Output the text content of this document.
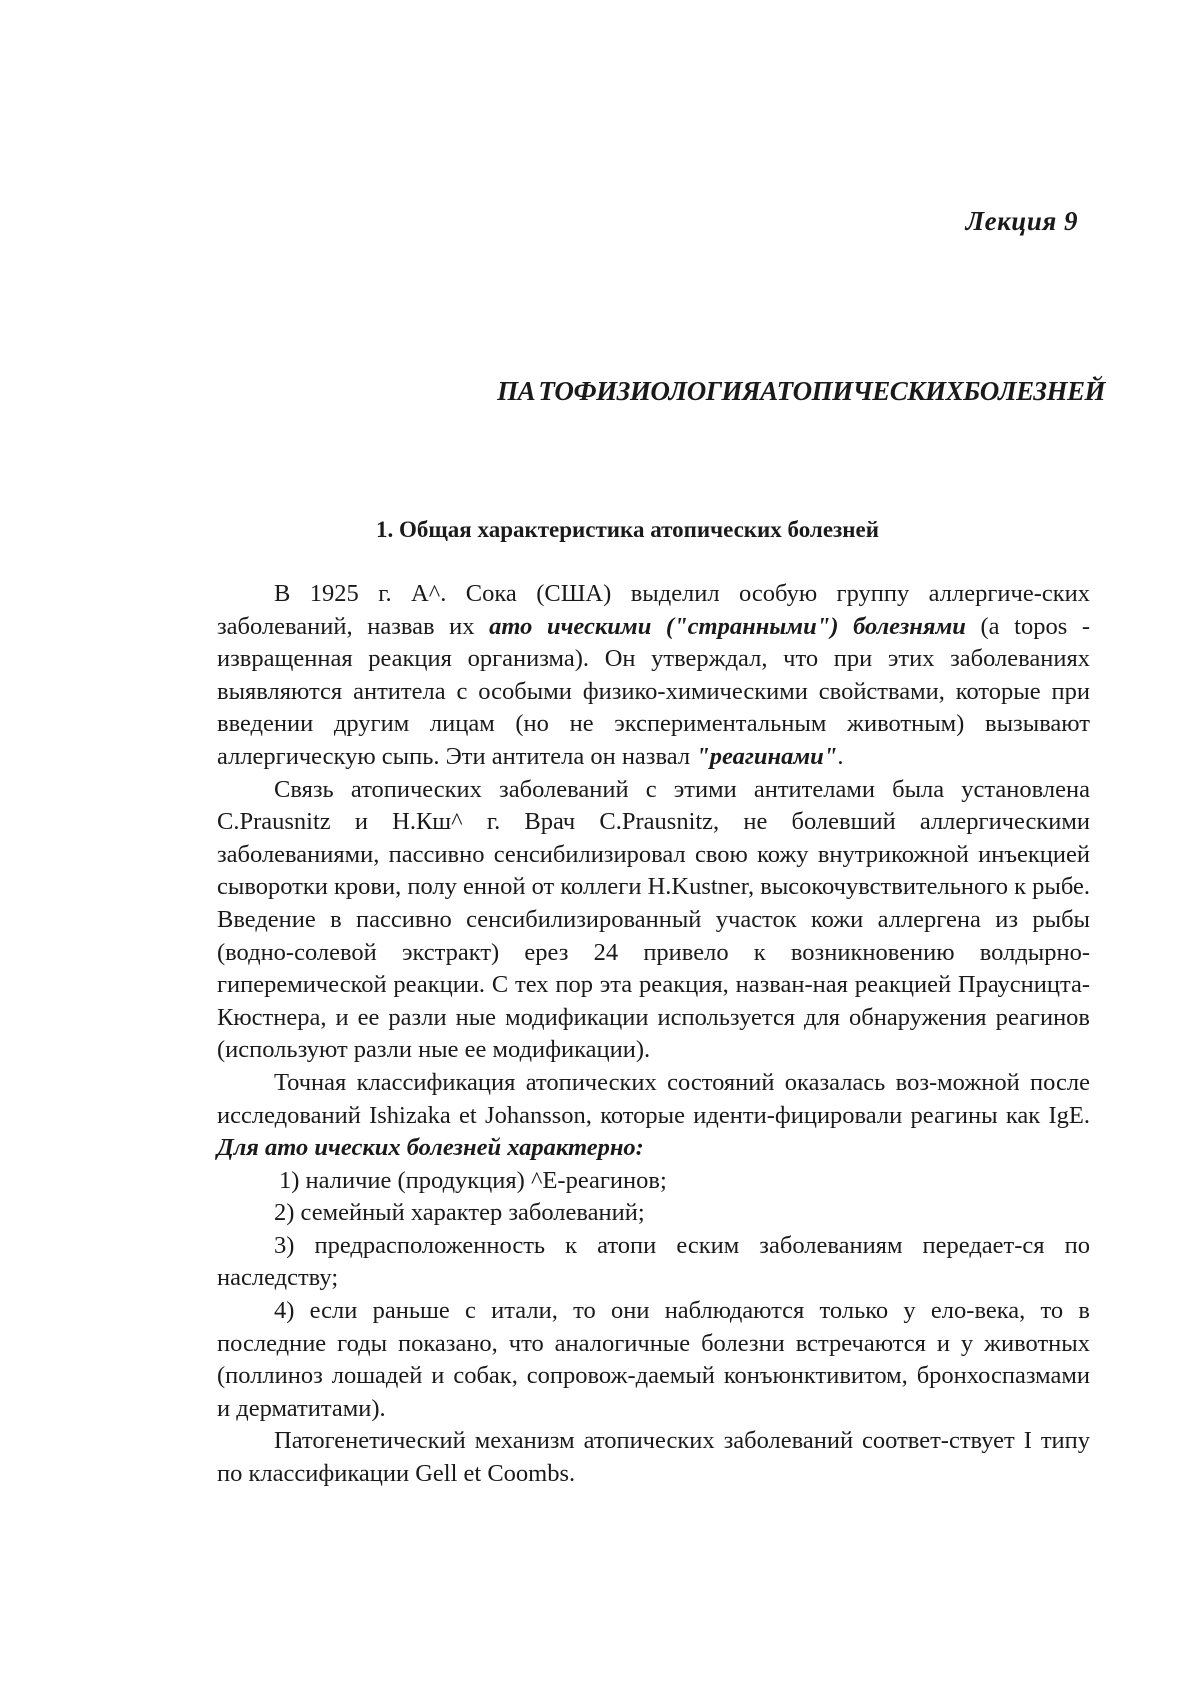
Лекция 9
ПА ТОФИЗИОЛОГИЯАТОПИЧЕСКИХБОЛЕЗНЕЙ
1. Общая характеристика атопических болезней

В 1925 г. А^. Сока (США) выделил особую группу аллергиче-ских заболеваний, назвав их ато ическими ("странными") болезнями (а topos - извращенная реакция организма). Он утверждал, что при этих заболеваниях выявляются антитела с особыми физико-химическими свойствами, которые при введении другим лицам (но не экспериментальным животным) вызывают аллергическую сыпь. Эти антитела он назвал "реагинами".

Связь атопических заболеваний с этими антителами была установлена C.Prausnitz и Н.Кш^ г. Врач C.Prausnitz, не болевший аллергическими заболеваниями, пассивно сенсибилизировал свою кожу внутрикожной инъекцией сыворотки крови, полу енной от коллеги H.Kustner, высокочувствительного к рыбе. Введение в пассивно сенсибилизированный участок кожи аллергена из рыбы (водно-солевой экстракт) ерез 24 привело к возникновению волдырно-гиперемической реакции. С тех пор эта реакция, назван-ная реакцией Праусницта-Кюстнера, и ее разли ные модификации используется для обнаружения реагинов (используют разли ные ее модификации).

Точная классификация атопических состояний оказалась воз-можной после исследований Ishizaka et Johansson, которые иденти-фицировали реагины как IgE. Для ато ических болезней характерно:

1) наличие (продукция) ^Е-реагинов;

2) семейный характер заболеваний;

3) предрасположенность к атопи еским заболеваниям передает-ся по наследству;

4) если раньше с итали, то они наблюдаются только у ело-века, то в последние годы показано, что аналогичные болезни встречаются и у животных (поллиноз лошадей и собак, сопровож-даемый конъюнктивитом, бронхоспазмами и дерматитами).

Патогенетический механизм атопических заболеваний соответ-ствует I типу по классификации Gell et Coombs.
